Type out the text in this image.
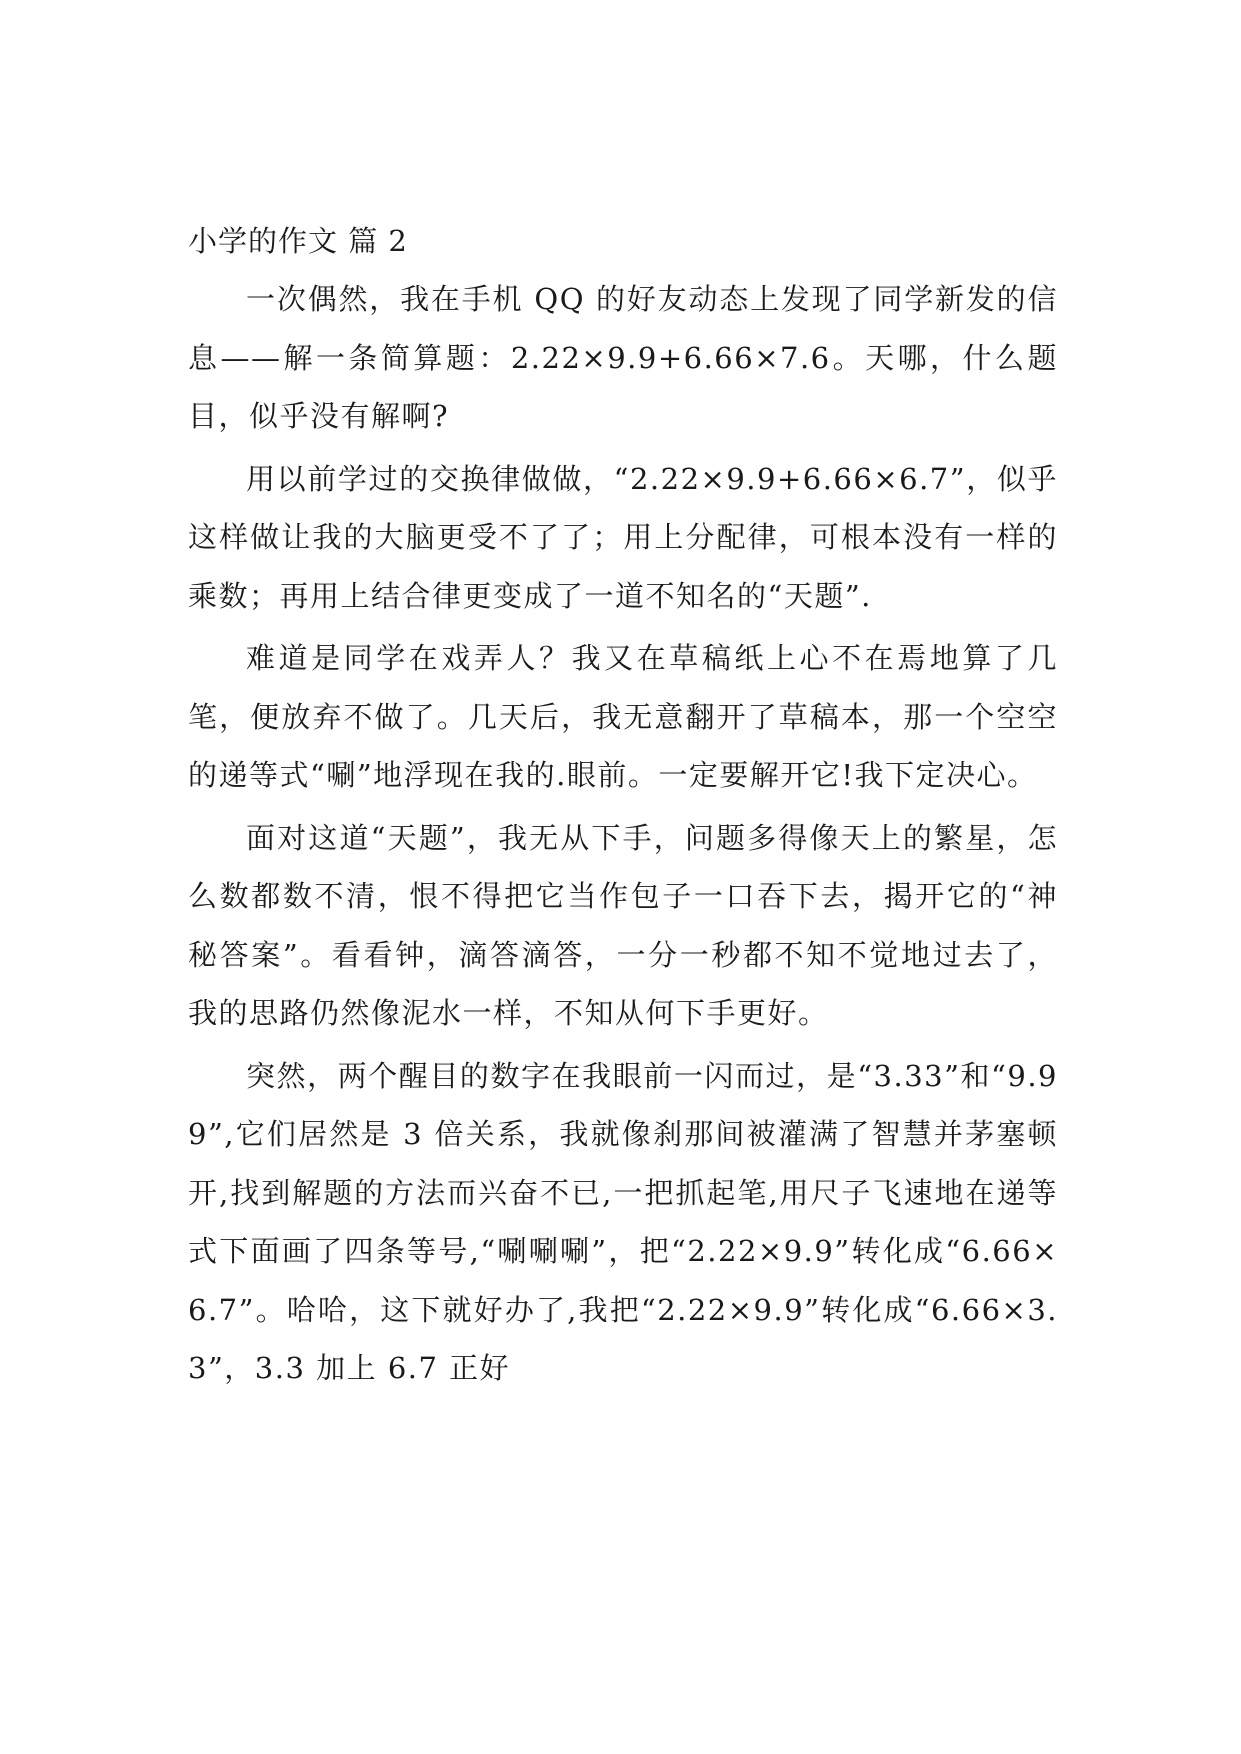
小学的作文 篇 2

一次偶然，我在手机 QQ 的好友动态上发现了同学新发的信息——解一条简算题：2.22×9.9+6.66×7.6。天哪，什么题目，似乎没有解啊?

用以前学过的交换律做做，“2.22×9.9+6.66×6.7”，似乎这样做让我的大脑更受不了了；用上分配律，可根本没有一样的乘数；再用上结合律更变成了一道不知名的“天题”.

难道是同学在戏弄人？我又在草稿纸上心不在焉地算了几笔，便放弃不做了。几天后，我无意翻开了草稿本，那一个空空的递等式“唰”地浮现在我的.眼前。一定要解开它!我下定决心。

面对这道“天题”，我无从下手，问题多得像天上的繁星，怎么数都数不清，恨不得把它当作包子一口吞下去，揭开它的“神秘答案”。看看钟，滴答滴答，一分一秒都不知不觉地过去了，我的思路仍然像泥水一样，不知从何下手更好。

突然，两个醒目的数字在我眼前一闪而过，是“3.33”和“9.99”,它们居然是 3 倍关系，我就像刹那间被灌满了智慧并茅塞顿开,找到解题的方法而兴奋不已,一把抓起笔,用尺子飞速地在递等式下面画了四条等号,“唰唰唰”，把“2.22×9.9”转化成“6.66×6.7”。哈哈，这下就好办了,我把“2.22×9.9”转化成“6.66×3.3”，3.3 加上 6.7 正好
